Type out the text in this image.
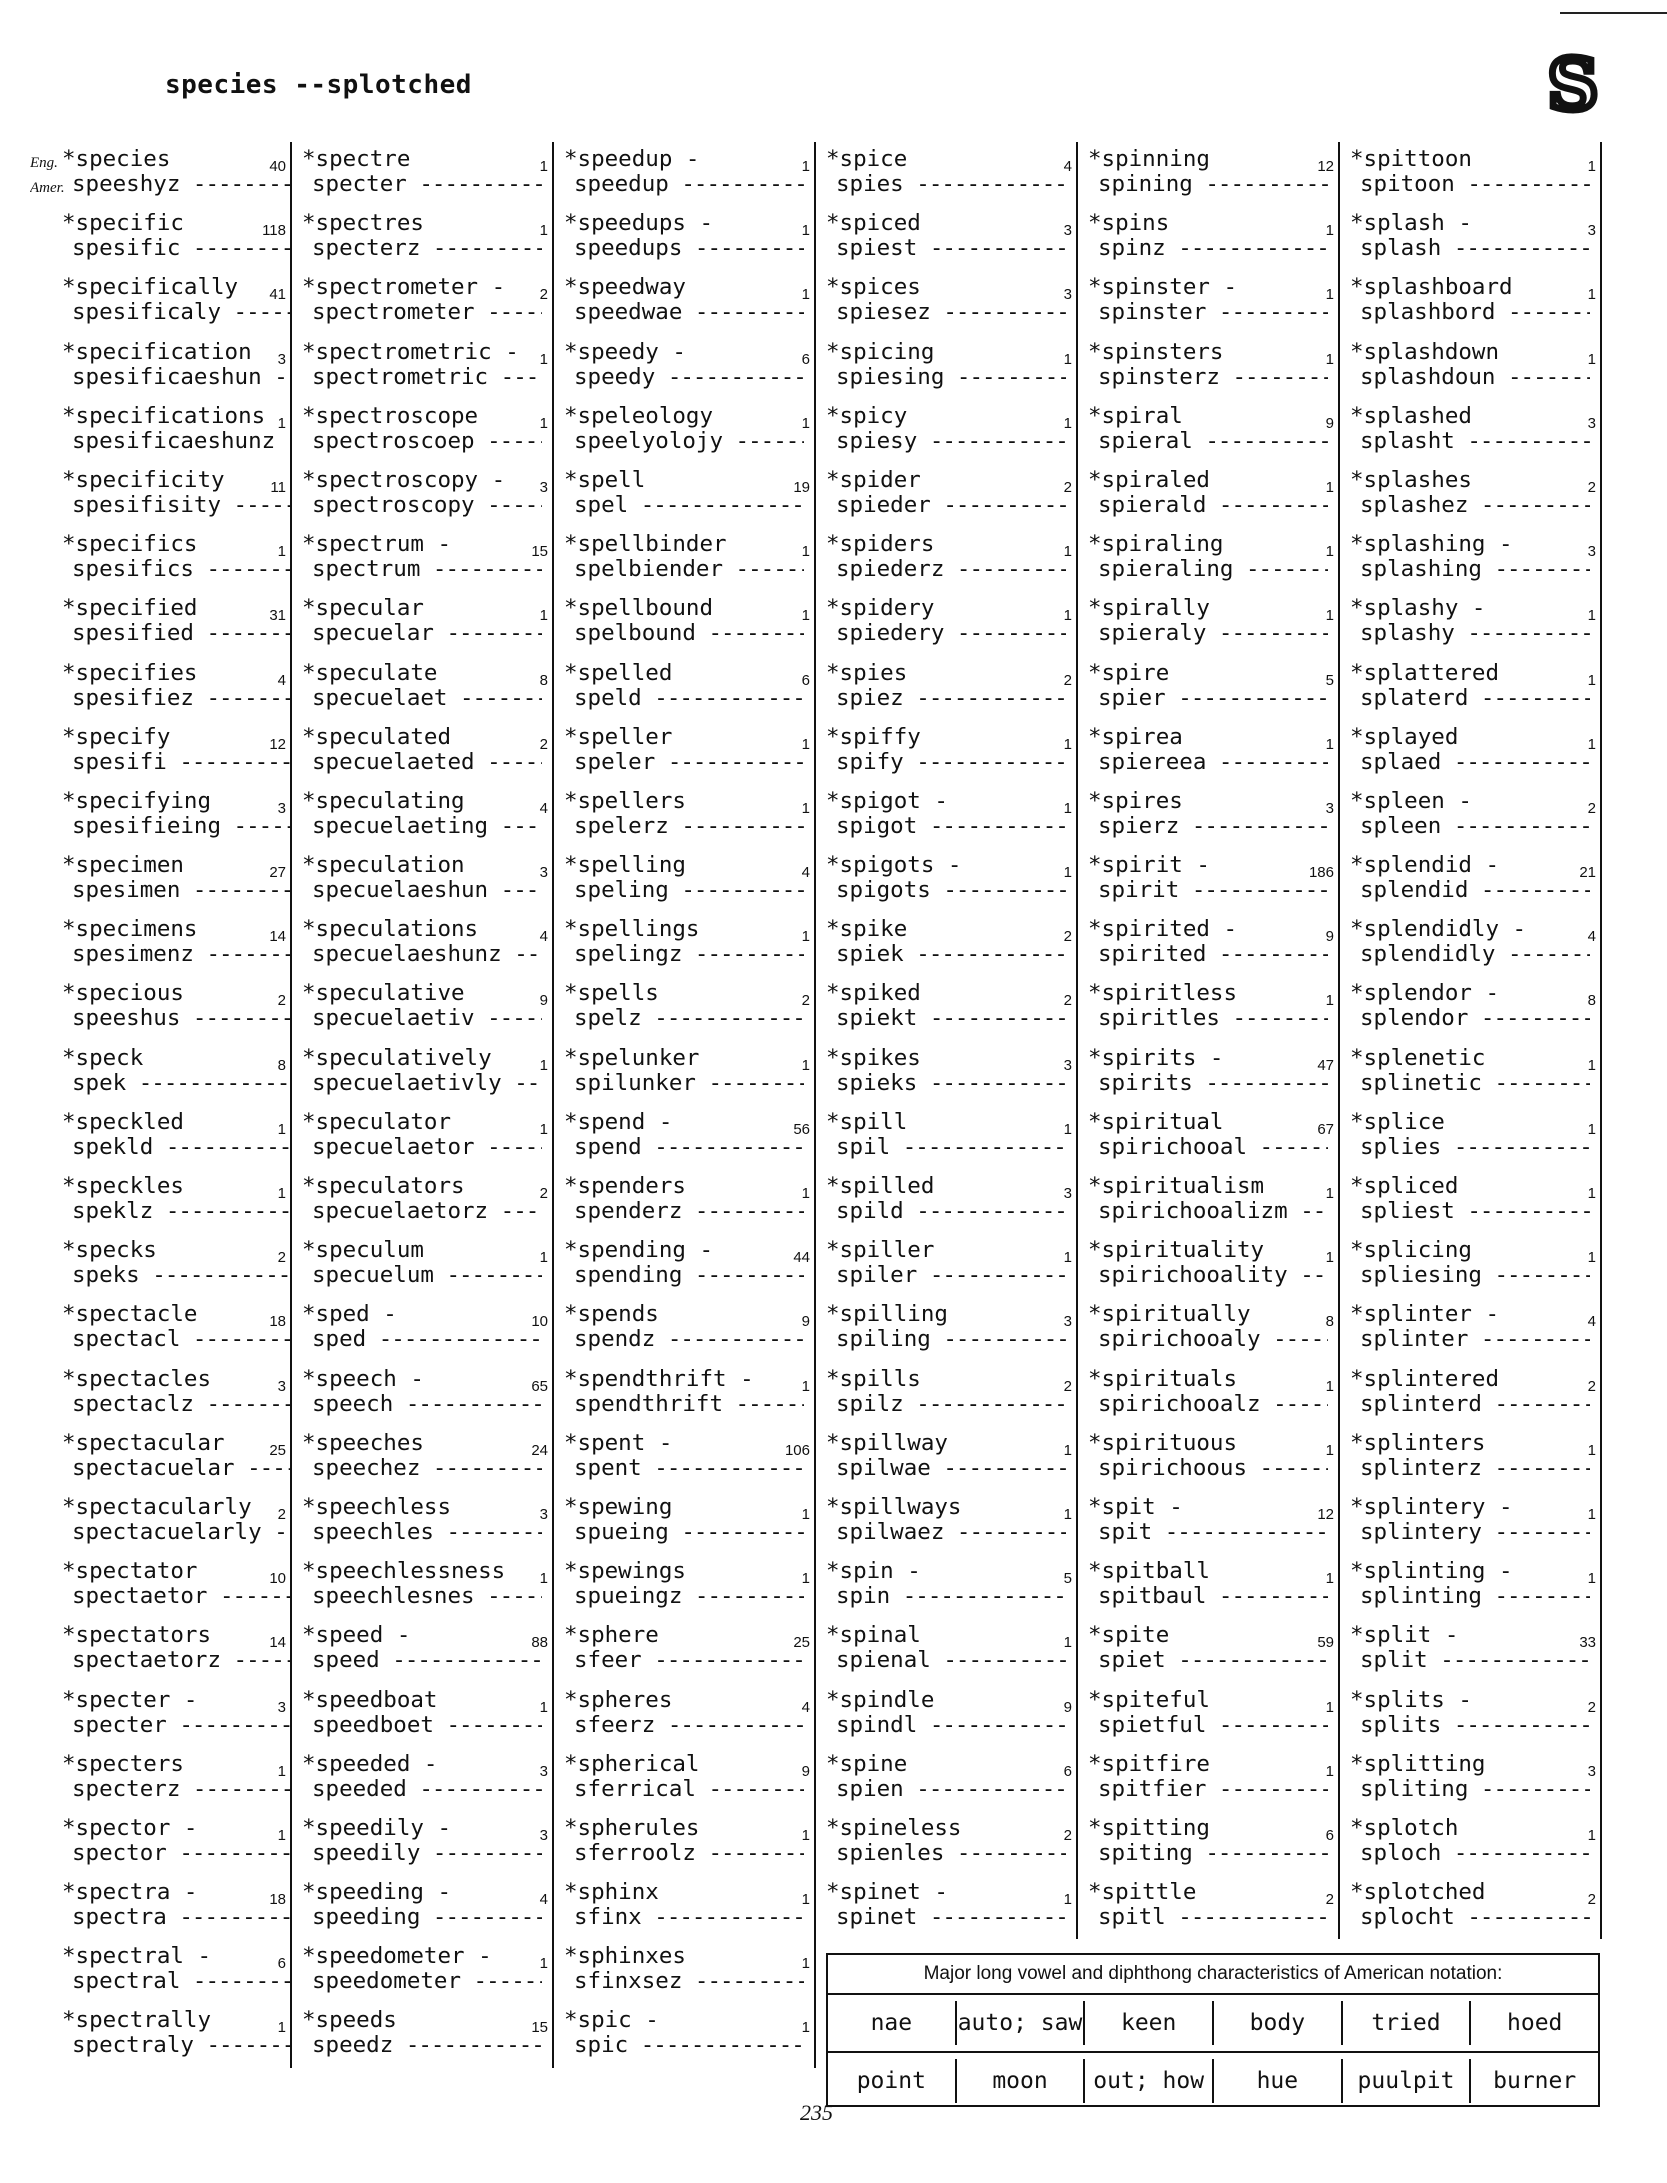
species --splotched	S
*species
speeshyz -----
40
Eng.
Amer.
*spectre
specter -----
1 *speedup -
speedup -----
1 *spice
spies -----
4 *spinning
spining -----
12 *spittoon
spitoon -----
1
*specific
spesific -----
118 *spectres
specterz -----
1 *speedups -
speedups -----
1 *spiced
spiest -----
3 *spins
spinz -----
1 *splash -
splash -----
3
*specifically
spesificaly -----
41 *spectrometer -
spectrometer -----
2 *speedway
speedwae -----
1 *spices
spiesez -----
3 *spinster -
spinster -----
1 *splashboard
splashbord -----
1
*specification
spesificaeshun -----
3 *spectrometric -
spectrometric -----
1 *speedy -
speedy -----
6 *spicing
spiesing -----
1 *spinsters
spinsterz -----
1 *splashdown
splashdoun -----
1
*specifications
spesificaeshunz -----
1 *spectroscope
spectroscoep -----
1 *speleology
speelyolojy -----
1 *spicy
spiesy -----
1 *spiral
spieral -----
9 *splashed
splasht -----
3
*specificity
spesifisity -----
11 *spectroscopy -
spectroscopy -----
3 *spell
spel -----
19 *spider
spieder -----
2 *spiraled
spierald -----
1 *splashes
splashez -----
2
*specifics
spesifics -----
1 *spectrum -
spectrum -----
15 *spellbinder
spelbiender -----
1 *spiders
spiederz -----
1 *spiraling
spieraling -----
1 *splashing -
splashing -----
3
*specified
spesified -----
31 *specular
specuelar -----
1 *spellbound
spelbound -----
1 *spidery
spiedery -----
1 *spirally
spieraly -----
1 *splashy -
splashy -----
1
*specifies
spesifiez -----
4 *speculate
specuelaet -----
8 *spelled
speld -----
6 *spies
spiez -----
2 *spire
spier -----
5 *splattered
splaterd -----
1
*specify
spesifi -----
12 *speculated
specuelaeted -----
2 *speller
speler -----
1 *spiffy
spify -----
1 *spirea
spiereea -----
1 *splayed
splaed -----
1
*specifying
spesifieing -----
3 *speculating
specuelaeting -----
4 *spellers
spelerz -----
1 *spigot -
spigot -----
1 *spires
spierz -----
3 *spleen -
spleen -----
2
*specimen
spesimen -----
27 *speculation
specuelaeshun -----
3 *spelling
speling -----
4 *spigots -
spigots -----
1 *spirit -
spirit -----
186 *splendid -
splendid -----
21
*specimens
spesimenz -----
14 *speculations
specuelaeshunz -----
4 *spellings
spelingz -----
1 *spike
spiek -----
2 *spirited -
spirited -----
9 *splendidly -
splendidly -----
4
*specious
speeshus -----
2 *speculative
specuelaetiv -----
9 *spells
spelz -----
2 *spiked
spiekt -----
2 *spiritless
spiritles -----
1 *splendor -
splendor -----
8
*speck
spek -----
8 *speculatively
specuelaetivly -----
1 *spelunker
spilunker -----
1 *spikes
spieks -----
3 *spirits -
spirits -----
47 *splenetic
splinetic -----
1
*speckled
spekld -----
1 *speculator
specuelaetor -----
1 *spend -
spend -----
56 *spill
spil -----
1 *spiritual
spirichooal -----
67 *splice
splies -----
1
*speckles
speklz -----
1 *speculators
specuelaetorz -----
2 *spenders
spenderz -----
1 *spilled
spild -----
3 *spiritualism
spirichooalizm -----
1 *spliced
spliest -----
1
*specks
speks -----
2 *speculum
specuelum -----
1 *spending -
spending -----
44 *spiller
spiler -----
1 *spirituality
spirichooality -----
1 *splicing
spliesing -----
1
*spectacle
spectacl -----
18 *sped -
sped -----
10 *spends
spendz -----
9 *spilling
spiling -----
3 *spiritually
spirichooaly -----
8 *splinter -
splinter -----
4
*spectacles
spectaclz -----
3 *speech -
speech -----
65 *spendthrift -
spendthrift -----
1 *spills
spilz -----
2 *spirituals
spirichooalz -----
1 *splintered
splinterd -----
2
*spectacular
spectacuelar -----
25 *speeches
speechez -----
24 *spent -
spent -----
106 *spillway
spilwae -----
1 *spirituous
spirichoous -----
1 *splinters
splinterz -----
1
*spectacularly
spectacuelarly -----
2 *speechless
speechles -----
3 *spewing
spueing -----
1 *spillways
spilwaez -----
1 *spit -
spit -----
12 *splintery -
splintery -----
1
*spectator
spectaetor -----
10 *speechlessness
speechlesnes -----
1 *spewings
spueingz -----
1 *spin -
spin -----
5 *spitball
spitbaul -----
1 *splinting -
splinting -----
1
*spectators
spectaetorz -----
14 *speed -
speed -----
88 *sphere
sfeer -----
25 *spinal
spienal -----
1 *spite
spiet -----
59 *split -
split -----
33
*specter -
specter -----
3 *speedboat
speedboet -----
1 *spheres
sfeerz -----
4 *spindle
spindl -----
9 *spiteful
spietful -----
1 *splits -
splits -----
2
*specters
specterz -----
1 *speeded -
speeded -----
3 *spherical
sferrical -----
9 *spine
spien -----
6 *spitfire
spitfier -----
1 *splitting
spliting -----
3
*spector -
spector -----
1 *speedily -
speedily -----
3 *spherules
sferroolz -----
1 *spineless
spienles -----
2 *spitting
spiting -----
6 *splotch
sploch -----
1
*spectra -
spectra -----
18 *speeding -
speeding -----
4 *sphinx
sfinx -----
1 *spinet -
spinet -----
1 *spittle
spitl -----
2 *splotched
splocht -----
2
*spectral -
spectral -----
6 *speedometer -
speedometer -----
1 *sphinxes
sfinxsez -----
1
*spectrally
spectraly -----
1 *speeds
speedz -----
15 *spic -
spic -----
1
Major long vowel and diphthong characteristics of American notation:
nae	auto; saw	keen	body	tried	hoed
point	moon	out; how	hue	puulpit	burner
235
